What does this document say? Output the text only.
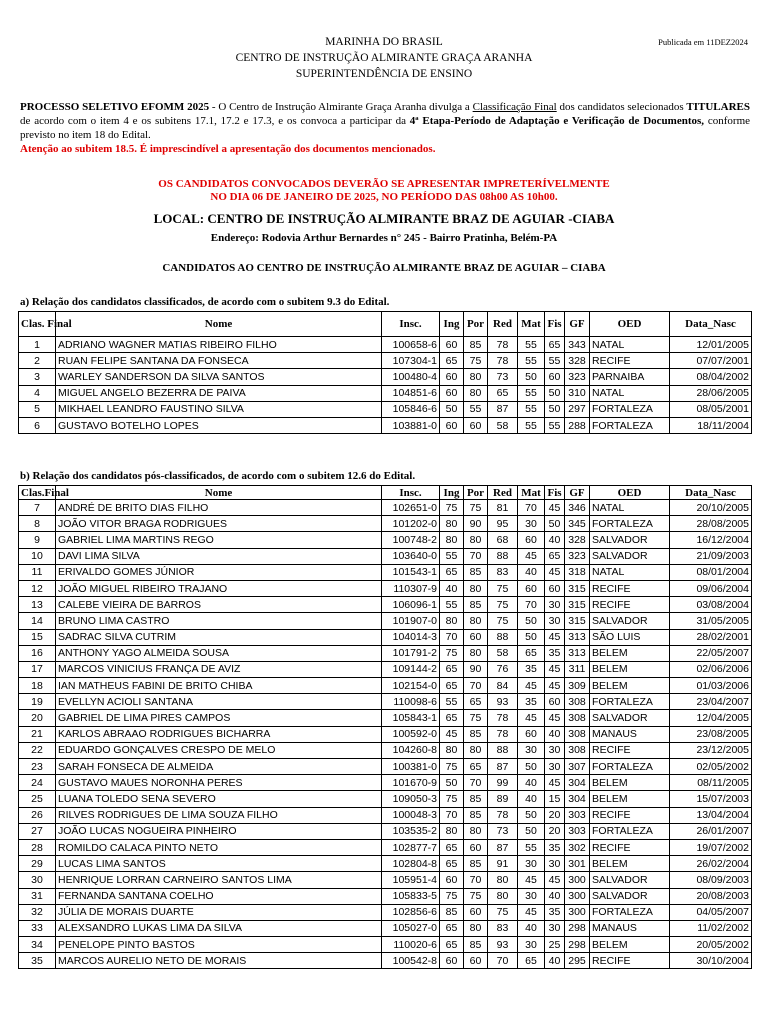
MARINHA DO BRASIL
CENTRO DE INSTRUÇÃO ALMIRANTE GRAÇA ARANHA
SUPERINTENDÊNCIA DE ENSINO
Publicada em 11DEZ2024
PROCESSO SELETIVO EFOMM 2025 - O Centro de Instrução Almirante Graça Aranha divulga a Classificação Final dos candidatos selecionados TITULARES de acordo com o item 4 e os subitens 17.1, 17.2 e 17.3, e os convoca a participar da 4ª Etapa-Período de Adaptação e Verificação de Documentos, conforme previsto no item 18 do Edital.
Atenção ao subitem 18.5. É imprescindível a apresentação dos documentos mencionados.
OS CANDIDATOS CONVOCADOS DEVERÃO SE APRESENTAR IMPRETERÍVELMENTE
NO DIA 06 DE JANEIRO DE 2025, NO PERÍODO DAS 08h00 AS 10h00.
LOCAL: CENTRO DE INSTRUÇÃO ALMIRANTE BRAZ DE AGUIAR -CIABA
Endereço: Rodovia Arthur Bernardes n° 245 - Bairro Pratinha, Belém-PA
CANDIDATOS AO CENTRO DE INSTRUÇÃO ALMIRANTE BRAZ DE AGUIAR – CIABA
a) Relação dos candidatos classificados, de acordo com o subitem 9.3 do Edital.
Clas. Final	Nome	Insc.	Ing	Por	Red	Mat	Fis	GF	OED	Data_Nasc
1	ADRIANO WAGNER MATIAS RIBEIRO FILHO	100658-6	60	85	78	55	65	343	NATAL	12/01/2005
2	RUAN FELIPE SANTANA DA FONSECA	107304-1	65	75	78	55	55	328	RECIFE	07/07/2001
3	WARLEY SANDERSON DA SILVA SANTOS	100480-4	60	80	73	50	60	323	PARNAIBA	08/04/2002
4	MIGUEL ANGELO BEZERRA DE PAIVA	104851-6	60	80	65	55	50	310	NATAL	28/06/2005
5	MIKHAEL LEANDRO FAUSTINO SILVA	105846-6	50	55	87	55	50	297	FORTALEZA	08/05/2001
6	GUSTAVO BOTELHO LOPES	103881-0	60	60	58	55	55	288	FORTALEZA	18/11/2004
b) Relação dos candidatos pós-classificados, de acordo com o subitem 12.6 do Edital.
Clas.Final	Nome	Insc.	Ing	Por	Red	Mat	Fis	GF	OED	Data_Nasc
7	ANDRÉ DE BRITO DIAS FILHO	102651-0	75	75	81	70	45	346	NATAL	20/10/2005
8	JOÃO VITOR BRAGA RODRIGUES	101202-0	80	90	95	30	50	345	FORTALEZA	28/08/2005
9	GABRIEL LIMA MARTINS REGO	100748-2	80	80	68	60	40	328	SALVADOR	16/12/2004
10	DAVI LIMA SILVA	103640-0	55	70	88	45	65	323	SALVADOR	21/09/2003
11	ERIVALDO GOMES JÚNIOR	101543-1	65	85	83	40	45	318	NATAL	08/01/2004
12	JOÃO MIGUEL RIBEIRO TRAJANO	110307-9	40	80	75	60	60	315	RECIFE	09/06/2004
13	CALEBE VIEIRA DE BARROS	106096-1	55	85	75	70	30	315	RECIFE	03/08/2004
14	BRUNO LIMA CASTRO	101907-0	80	80	75	50	30	315	SALVADOR	31/05/2005
15	SADRAC SILVA CUTRIM	104014-3	70	60	88	50	45	313	SÃO LUIS	28/02/2001
16	ANTHONY YAGO ALMEIDA SOUSA	101791-2	75	80	58	65	35	313	BELEM	22/05/2007
17	MARCOS VINICIUS FRANÇA DE AVIZ	109144-2	65	90	76	35	45	311	BELEM	02/06/2006
18	IAN MATHEUS FABINI DE BRITO CHIBA	102154-0	65	70	84	45	45	309	BELEM	01/03/2006
19	EVELLYN ACIOLI SANTANA	110098-6	55	65	93	35	60	308	FORTALEZA	23/04/2007
20	GABRIEL DE LIMA PIRES CAMPOS	105843-1	65	75	78	45	45	308	SALVADOR	12/04/2005
21	KARLOS ABRAAO RODRIGUES BICHARRA	100592-0	45	85	78	60	40	308	MANAUS	23/08/2005
22	EDUARDO GONÇALVES CRESPO DE MELO	104260-8	80	80	88	30	30	308	RECIFE	23/12/2005
23	SARAH FONSECA DE ALMEIDA	100381-0	75	65	87	50	30	307	FORTALEZA	02/05/2002
24	GUSTAVO MAUES NORONHA PERES	101670-9	50	70	99	40	45	304	BELEM	08/11/2005
25	LUANA TOLEDO SENA SEVERO	109050-3	75	85	89	40	15	304	BELEM	15/07/2003
26	RILVES RODRIGUES DE LIMA SOUZA FILHO	100048-3	70	85	78	50	20	303	RECIFE	13/04/2004
27	JOÃO LUCAS NOGUEIRA PINHEIRO	103535-2	80	80	73	50	20	303	FORTALEZA	26/01/2007
28	ROMILDO CALACA PINTO NETO	102877-7	65	60	87	55	35	302	RECIFE	19/07/2002
29	LUCAS LIMA SANTOS	102804-8	65	85	91	30	30	301	BELEM	26/02/2004
30	HENRIQUE LORRAN CARNEIRO SANTOS LIMA	105951-4	60	70	80	45	45	300	SALVADOR	08/09/2003
31	FERNANDA SANTANA COELHO	105833-5	75	75	80	30	40	300	SALVADOR	20/08/2003
32	JÚLIA DE MORAIS DUARTE	102856-6	85	60	75	45	35	300	FORTALEZA	04/05/2007
33	ALEXSANDRO LUKAS LIMA DA SILVA	105027-0	65	80	83	40	30	298	MANAUS	11/02/2002
34	PENELOPE PINTO BASTOS	110020-6	65	85	93	30	25	298	BELEM	20/05/2002
35	MARCOS AURELIO NETO DE MORAIS	100542-8	60	60	70	65	40	295	RECIFE	30/10/2004
